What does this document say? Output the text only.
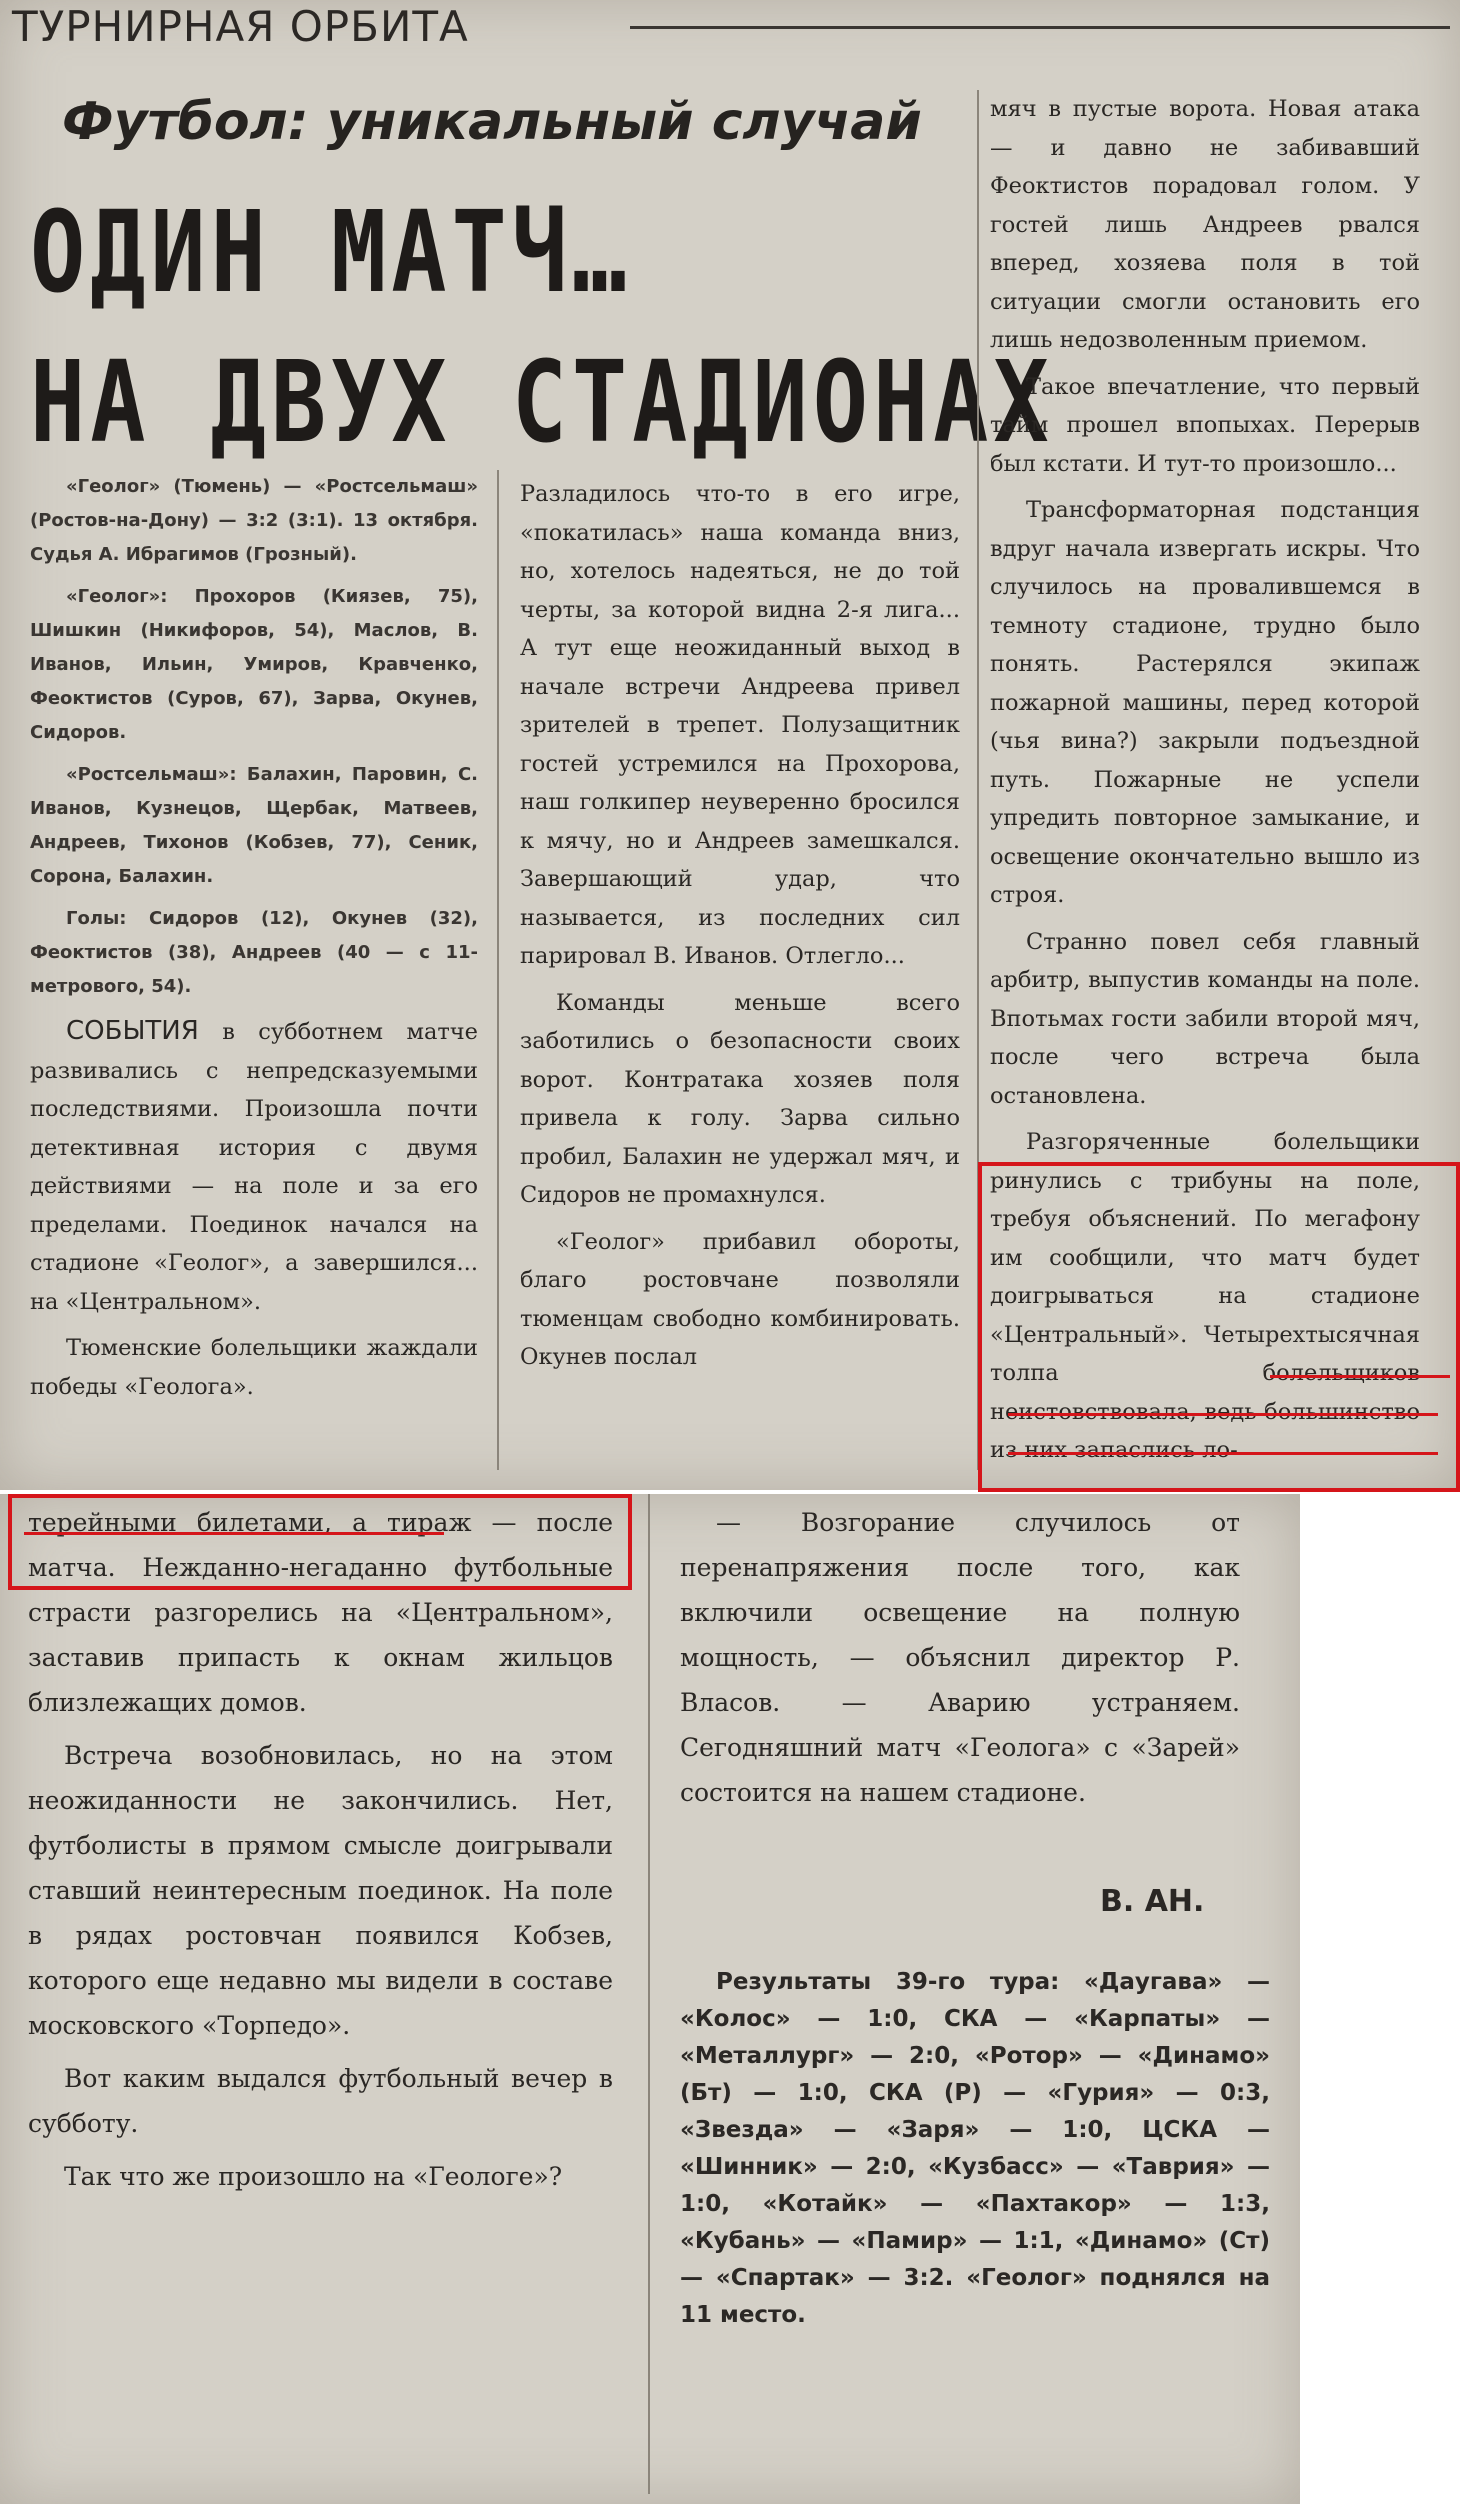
ТУРНИРНАЯ ОРБИТА
Футбол: уникальный случай
ОДИН МАТЧ…
НА ДВУХ СТАДИОНАХ

«Геолог» (Тюмень) — «Ростсельмаш» (Ростов-на-Дону) — 3:2 (3:1). 13 октября. Судья А. Ибрагимов (Грозный).

«Геолог»: Прохоров (Киязев, 75), Шишкин (Никифоров, 54), Маслов, В. Иванов, Ильин, Умиров, Кравченко, Феоктистов (Суров, 67), Зарва, Окунев, Сидоров.

«Ростсельмаш»: Балахин, Паровин, С. Иванов, Кузнецов, Щербак, Матвеев, Андреев, Тихонов (Кобзев, 77), Сеник, Сорона, Балахин.

Голы: Сидоров (12), Окунев (32), Феоктистов (38), Андреев (40 — с 11-метрового, 54).

СОБЫТИЯ в субботнем матче развивались с непредсказуемыми последствиями. Произошла почти детективная история с двумя действиями — на поле и за его пределами. Поединок начался на стадионе «Геолог», а завершился... на «Центральном».

Тюменские болельщики жаждали победы «Геолога».

Разладилось что-то в его игре, «покатилась» наша команда вниз, но, хотелось надеяться, не до той черты, за которой видна 2-я лига... А тут еще неожиданный выход в начале встречи Андреева привел зрителей в трепет. Полузащитник гостей устремился на Прохорова, наш голкипер неуверенно бросился к мячу, но и Андреев замешкался. Завершающий удар, что называется, из последних сил парировал В. Иванов. Отлегло...

Команды меньше всего заботились о безопасности своих ворот. Контратака хозяев поля привела к голу. Зарва сильно пробил, Балахин не удержал мяч, и Сидоров не промахнулся.

«Геолог» прибавил обороты, благо ростовчане позволяли тюменцам свободно комбинировать. Окунев послал

мяч в пустые ворота. Новая атака — и давно не забивавший Феоктистов порадовал голом. У гостей лишь Андреев рвался вперед, хозяева поля в той ситуации смогли остановить его лишь недозволенным приемом.

Такое впечатление, что первый тайм прошел впопыхах. Перерыв был кстати. И тут-то произошло...

Трансформаторная подстанция вдруг начала извергать искры. Что случилось на провалившемся в темноту стадионе, трудно было понять. Растерялся экипаж пожарной машины, перед которой (чья вина?) закрыли подъездной путь. Пожарные не успели упредить повторное замыкание, и освещение окончательно вышло из строя.

Странно повел себя главный арбитр, выпустив команды на поле. Впотьмах гости забили второй мяч, после чего встреча была остановлена.

Разгоряченные болельщики ринулись с трибуны на поле, требуя объяснений. По мегафону им сообщили, что матч будет доигрываться на стадионе «Центральный». Четырехтысячная толпа болельщиков неистовствовала, ведь большинство из них запаслись ло-

терейными билетами, а тираж — после матча. Нежданно-негаданно футбольные страсти разгорелись на «Центральном», заставив припасть к окнам жильцов близлежащих домов.

Встреча возобновилась, но на этом неожиданности не закончились. Нет, футболисты в прямом смысле доигрывали ставший неинтересным поединок. На поле в рядах ростовчан появился Кобзев, которого еще недавно мы видели в составе московского «Торпедо».

Вот каким выдался футбольный вечер в субботу.

Так что же произошло на «Геологе»?

— Возгорание случилось от перенапряжения после того, как включили освещение на полную мощность, — объяснил директор Р. Власов. — Аварию устраняем. Сегодняшний матч «Геолога» с «Зарей» состоится на нашем стадионе.

В. АН.

Результаты 39-го тура: «Даугава» — «Колос» — 1:0, СКА — «Карпаты» — «Металлург» — 2:0, «Ротор» — «Динамо» (Бт) — 1:0, СКА (Р) — «Гурия» — 0:3, «Звезда» — «Заря» — 1:0, ЦСКА — «Шинник» — 2:0, «Кузбасс» — «Таврия» — 1:0, «Котайк» — «Пахтакор» — 1:3, «Кубань» — «Памир» — 1:1, «Динамо» (Ст) — «Спартак» — 3:2. «Геолог» поднялся на 11 место.
